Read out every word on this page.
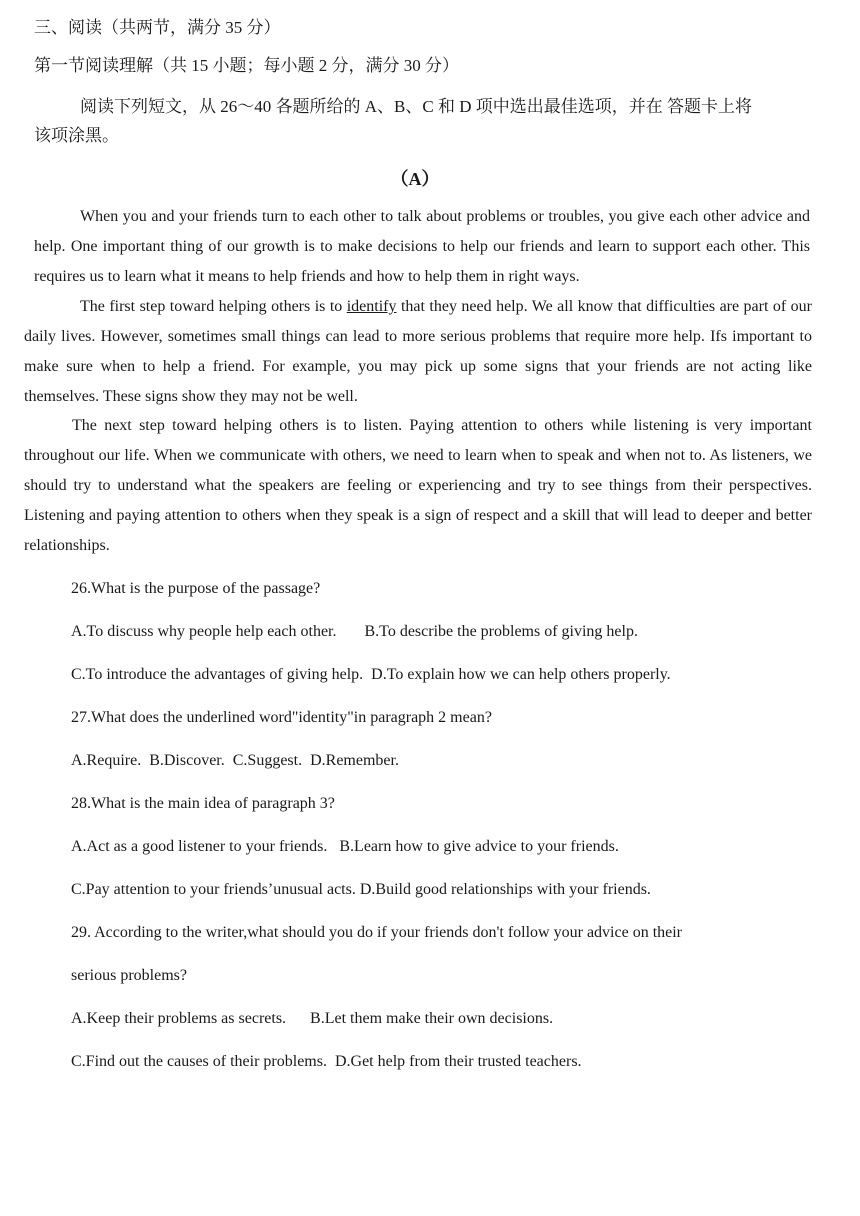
三、阅读（共两节，满分 35 分）
第一节阅读理解（共 15 小题；每小题 2 分，满分 30 分）
阅读下列短文，从 26～40 各题所给的 A、B、C 和 D 项中选出最佳选项，并在 答题卡上将
该项涂黑。
（A）

When you and your friends turn to each other to talk about problems or troubles, you give each other advice and help. One important thing of our growth is to make decisions to help our friends and learn to support each other. This requires us to learn what it means to help friends and how to help them in right ways.

The first step toward helping others is to identify that they need help. We all know that difficulties are part of our daily lives. However, sometimes small things can lead to more serious problems that require more help. Ifs important to make sure when to help a friend. For example, you may pick up some signs that your friends are not acting like themselves. These signs show they may not be well.

The next step toward helping others is to listen. Paying attention to others while listening is very important throughout our life. When we communicate with others, we need to learn when to speak and when not to. As listeners, we should try to understand what the speakers are feeling or experiencing and try to see things from their perspectives. Listening and paying attention to others when they speak is a sign of respect and a skill that will lead to deeper and better relationships.

26.What is the purpose of the passage?
A.To discuss why people help each other.       B.To describe the problems of giving help.
C.To introduce the advantages of giving help.  D.To explain how we can help others properly.
27.What does the underlined word"identity"in paragraph 2 mean?
A.Require.  B.Discover.  C.Suggest.  D.Remember.
28.What is the main idea of paragraph 3?
A.Act as a good listener to your friends.   B.Learn how to give advice to your friends.
C.Pay attention to your friends’unusual acts. D.Build good relationships with your friends.
29. According to the writer,what should you do if your friends don't follow your advice on their
serious problems?
A.Keep their problems as secrets.      B.Let them make their own decisions.
C.Find out the causes of their problems.  D.Get help from their trusted teachers.
